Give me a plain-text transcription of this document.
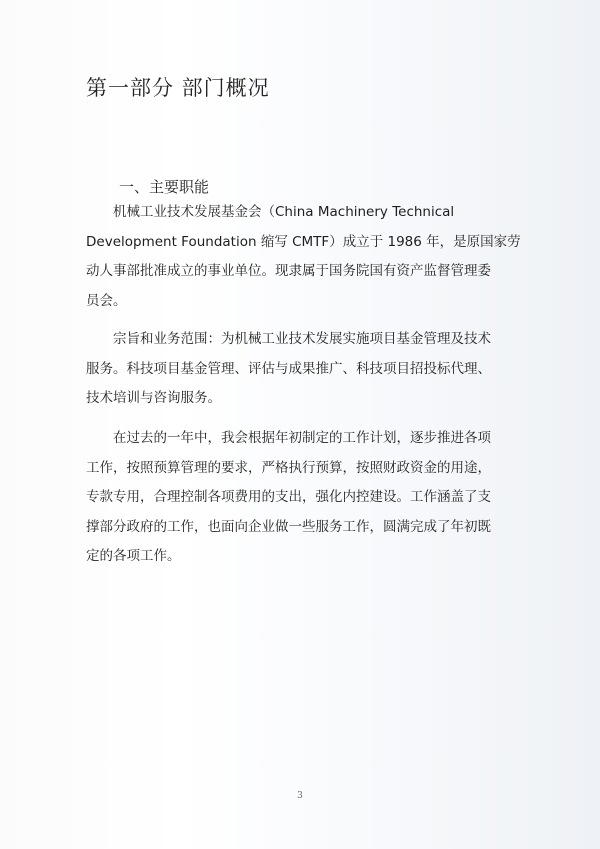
第一部分 部门概况
一、主要职能

机械工业技术发展基金会（China Machinery Technical
Development Foundation 缩写 CMTF）成立于 1986 年，是原国家劳
动人事部批准成立的事业单位。现隶属于国务院国有资产监督管理委
员会。

宗旨和业务范围：为机械工业技术发展实施项目基金管理及技术
服务。科技项目基金管理、评估与成果推广、科技项目招投标代理、
技术培训与咨询服务。

在过去的一年中，我会根据年初制定的工作计划，逐步推进各项
工作，按照预算管理的要求，严格执行预算，按照财政资金的用途，
专款专用，合理控制各项费用的支出，强化内控建设。工作涵盖了支
撑部分政府的工作，也面向企业做一些服务工作，圆满完成了年初既
定的各项工作。

3
